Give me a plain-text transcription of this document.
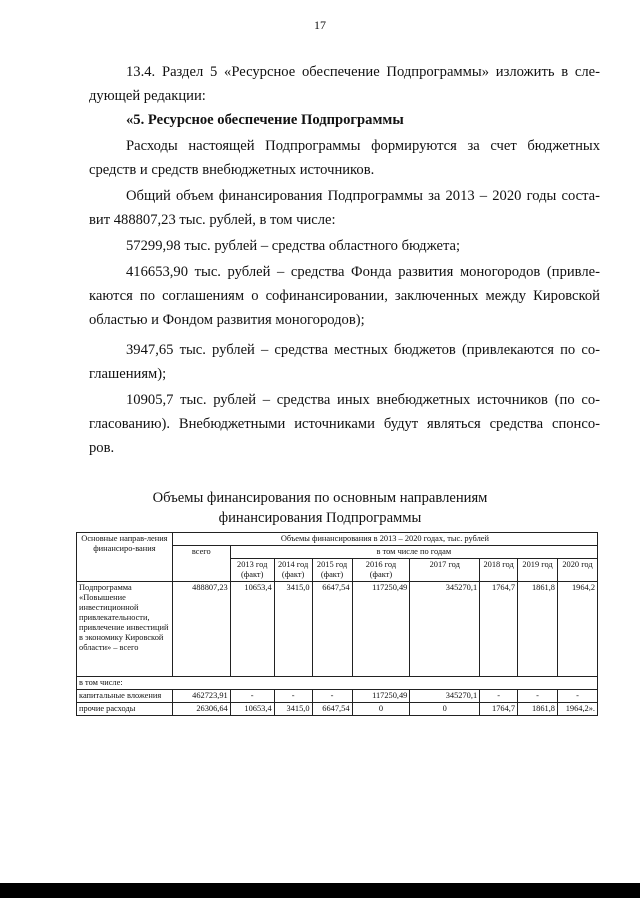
17
13.4. Раздел 5 «Ресурсное обеспечение Подпрограммы» изложить в сле-
дующей редакции:
«5. Ресурсное обеспечение Подпрограммы
Расходы настоящей Подпрограммы формируются за счет бюджетных
средств и средств внебюджетных источников.
Общий объем финансирования Подпрограммы за 2013 – 2020 годы соста-
вит 488807,23 тыс. рублей, в том числе:
57299,98 тыс. рублей – средства областного бюджета;
416653,90 тыс. рублей – средства Фонда развития моногородов (привле-
каются по соглашениям о софинансировании, заключенных между Кировской
областью и Фондом развития моногородов);
3947,65 тыс. рублей – средства местных бюджетов (привлекаются по со-
глашениям);
10905,7 тыс. рублей – средства иных внебюджетных источников (по со-
гласованию). Внебюджетными источниками будут являться средства спонсо-
ров.
Объемы финансирования по основным направлениям
финансирования Подпрограммы
Основные направ-ления финансиро-вания	Объемы финансирования в 2013 – 2020 годах, тыс. рублей								
	всего	в том числе по годам							
		2013 год (факт)	2014 год (факт)	2015 год (факт)	2016 год (факт)	2017 год	2018 год	2019 год	2020 год
Подпрограмма «Повышение инвестиционной привлекательности, привлечение инвестиций в экономику Кировской области» – всего	488807,23	10653,4	3415,0	6647,54	117250,49	345270,1	1764,7	1861,8	1964,2
в том числе:									
капитальные вложения	462723,91	-	-	-	117250,49	345270,1	-	-	-
прочие расходы	26306,64	10653,4	3415,0	6647,54	0	0	1764,7	1861,8	1964,2».
